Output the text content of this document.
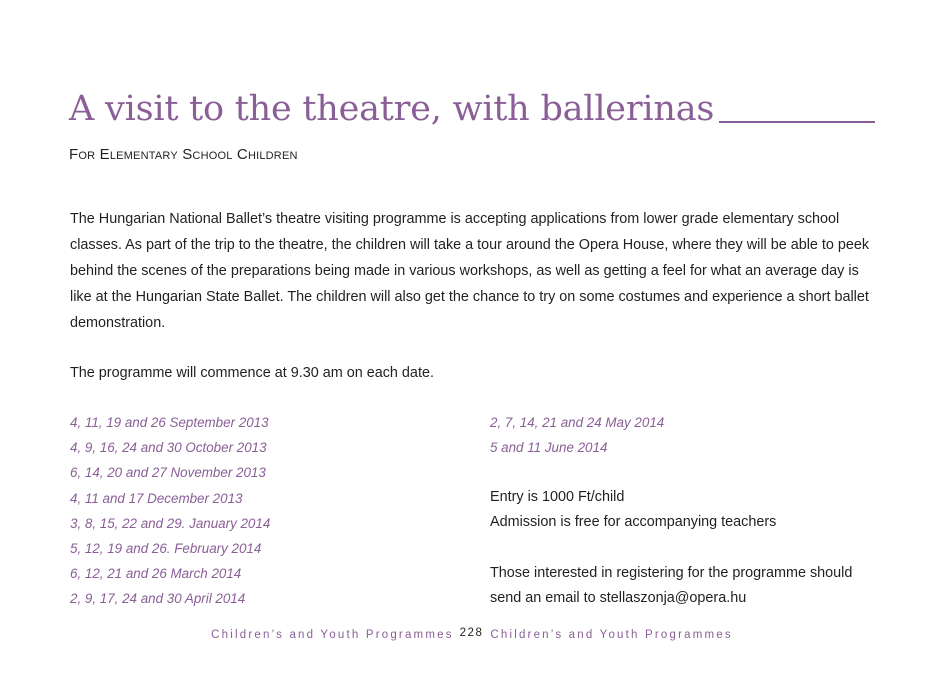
A visit to the theatre, with ballerinas
For Elementary School Children

The Hungarian National Ballet’s theatre visiting programme is accepting applications from lower grade elementary school classes. As part of the trip to the theatre, the children will take a tour around the Opera House, where they will be able to peek behind the scenes of the preparations being made in various workshops, as well as getting a feel for what an average day is like at the Hungarian State Ballet. The children will also get the chance to try on some costumes and experience a short ballet demonstration.

The programme will commence at 9.30 am on each date.

4, 11, 19 and 26 September 2013
4, 9, 16, 24 and 30 October 2013
6, 14, 20 and 27 November 2013
4, 11 and 17 December 2013
3, 8, 15, 22 and 29. January 2014
5, 12, 19 and 26. February 2014
6, 12, 21 and 26 March 2014
2, 9, 17, 24 and 30 April 2014
2, 7, 14, 21 and 24 May 2014
5 and 11 June 2014
Entry is 1000 Ft/child
Admission is free for accompanying teachers
Those interested in registering for the programme should
send an email to stellaszonja@opera.hu
Children’s and Youth Programmes 228 Children’s and Youth Programmes
